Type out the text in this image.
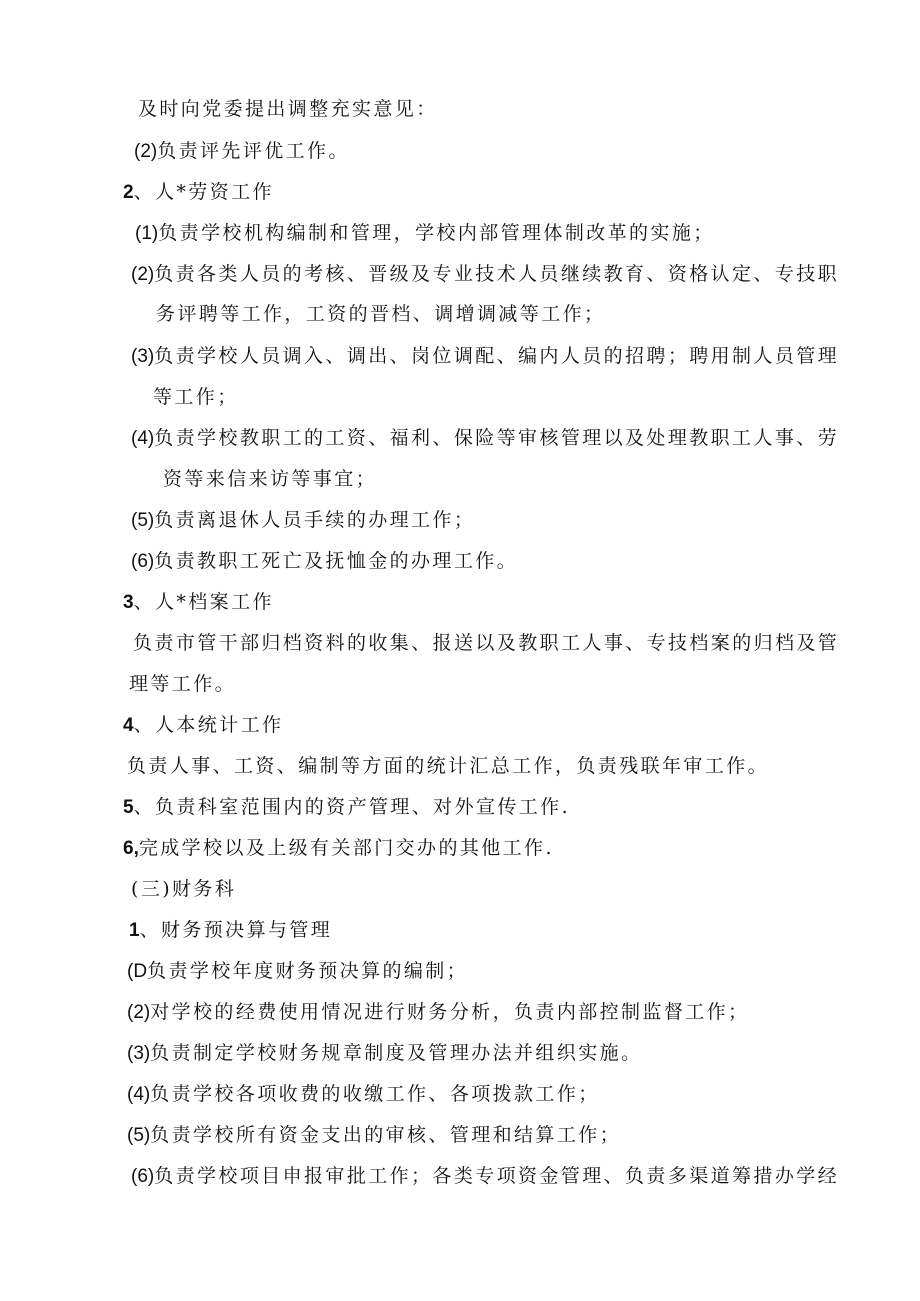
及时向党委提出调整充实意见：
(2)负责评先评优工作。
2、人*劳资工作
(1)负责学校机构编制和管理，学校内部管理体制改革的实施；
(2)负责各类人员的考核、晋级及专业技术人员继续教育、资格认定、专技职
务评聘等工作，工资的晋档、调增调减等工作；
(3)负责学校人员调入、调出、岗位调配、编内人员的招聘；聘用制人员管理
等工作；
(4)负责学校教职工的工资、福利、保险等审核管理以及处理教职工人事、劳
资等来信来访等事宜；
(5)负责离退休人员手续的办理工作；
(6)负责教职工死亡及抚恤金的办理工作。
3、人*档案工作
负责市管干部归档资料的收集、报送以及教职工人事、专技档案的归档及管
理等工作。
4、人本统计工作
负责人事、工资、编制等方面的统计汇总工作，负责残联年审工作。
5、负责科室范围内的资产管理、对外宣传工作.
6,完成学校以及上级有关部门交办的其他工作.
(三)财务科
1、财务预决算与管理
(D负责学校年度财务预决算的编制；
(2)对学校的经费使用情况进行财务分析，负责内部控制监督工作；
(3)负责制定学校财务规章制度及管理办法并组织实施。
(4)负责学校各项收费的收缴工作、各项拨款工作；
(5)负责学校所有资金支出的审核、管理和结算工作；
(6)负责学校项目申报审批工作；各类专项资金管理、负责多渠道筹措办学经
